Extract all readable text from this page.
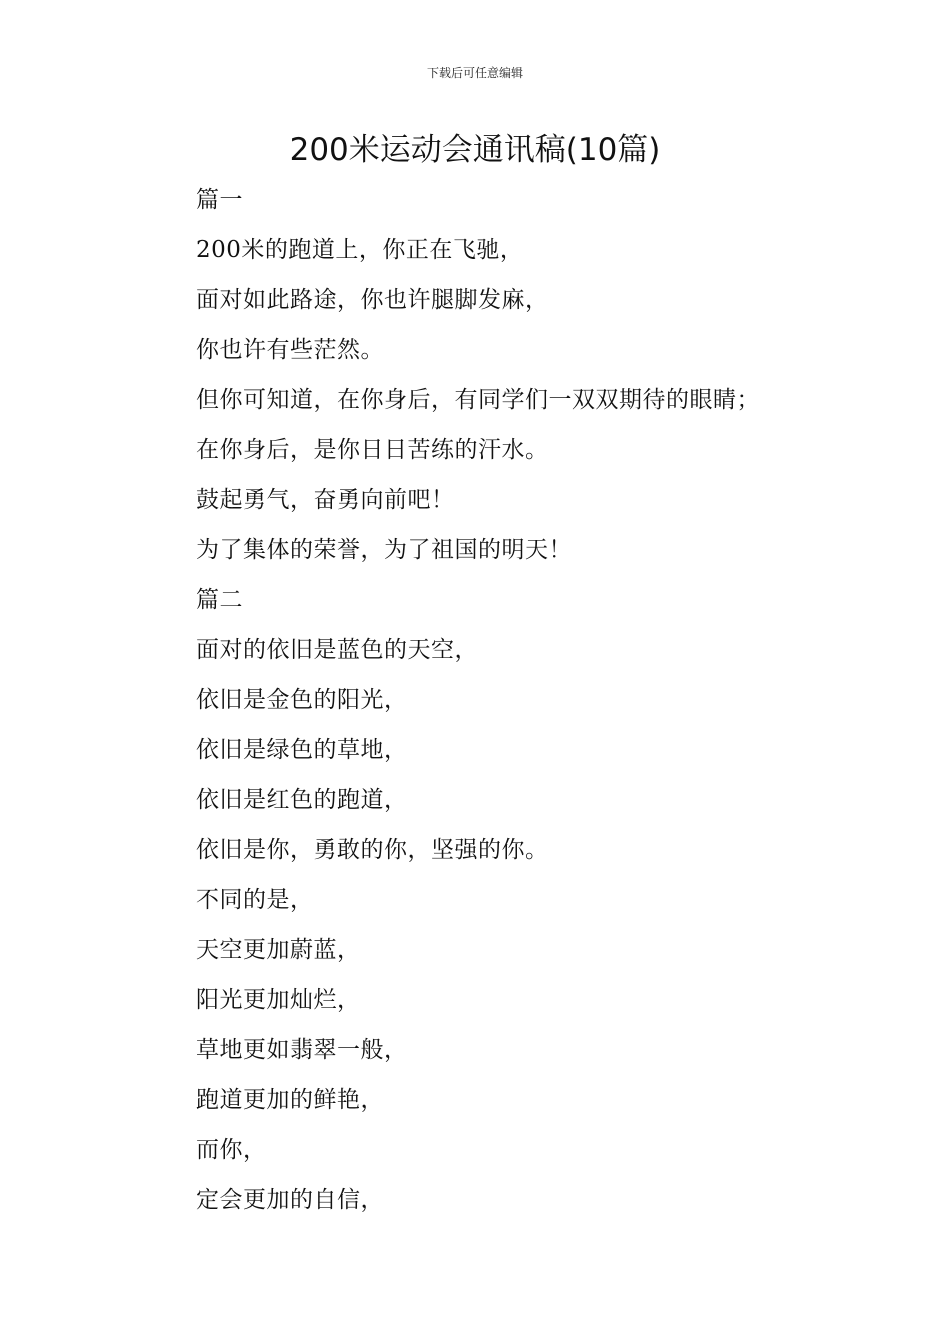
下载后可任意编辑
200米运动会通讯稿(10篇)
篇一
200米的跑道上，你正在飞驰，
面对如此路途，你也许腿脚发麻，
你也许有些茫然。
但你可知道，在你身后，有同学们一双双期待的眼睛；
在你身后，是你日日苦练的汗水。
鼓起勇气，奋勇向前吧！
为了集体的荣誉，为了祖国的明天！
篇二
面对的依旧是蓝色的天空，
依旧是金色的阳光，
依旧是绿色的草地，
依旧是红色的跑道，
依旧是你，勇敢的你，坚强的你。
不同的是，
天空更加蔚蓝，
阳光更加灿烂，
草地更如翡翠一般，
跑道更加的鲜艳，
而你，
定会更加的自信，
